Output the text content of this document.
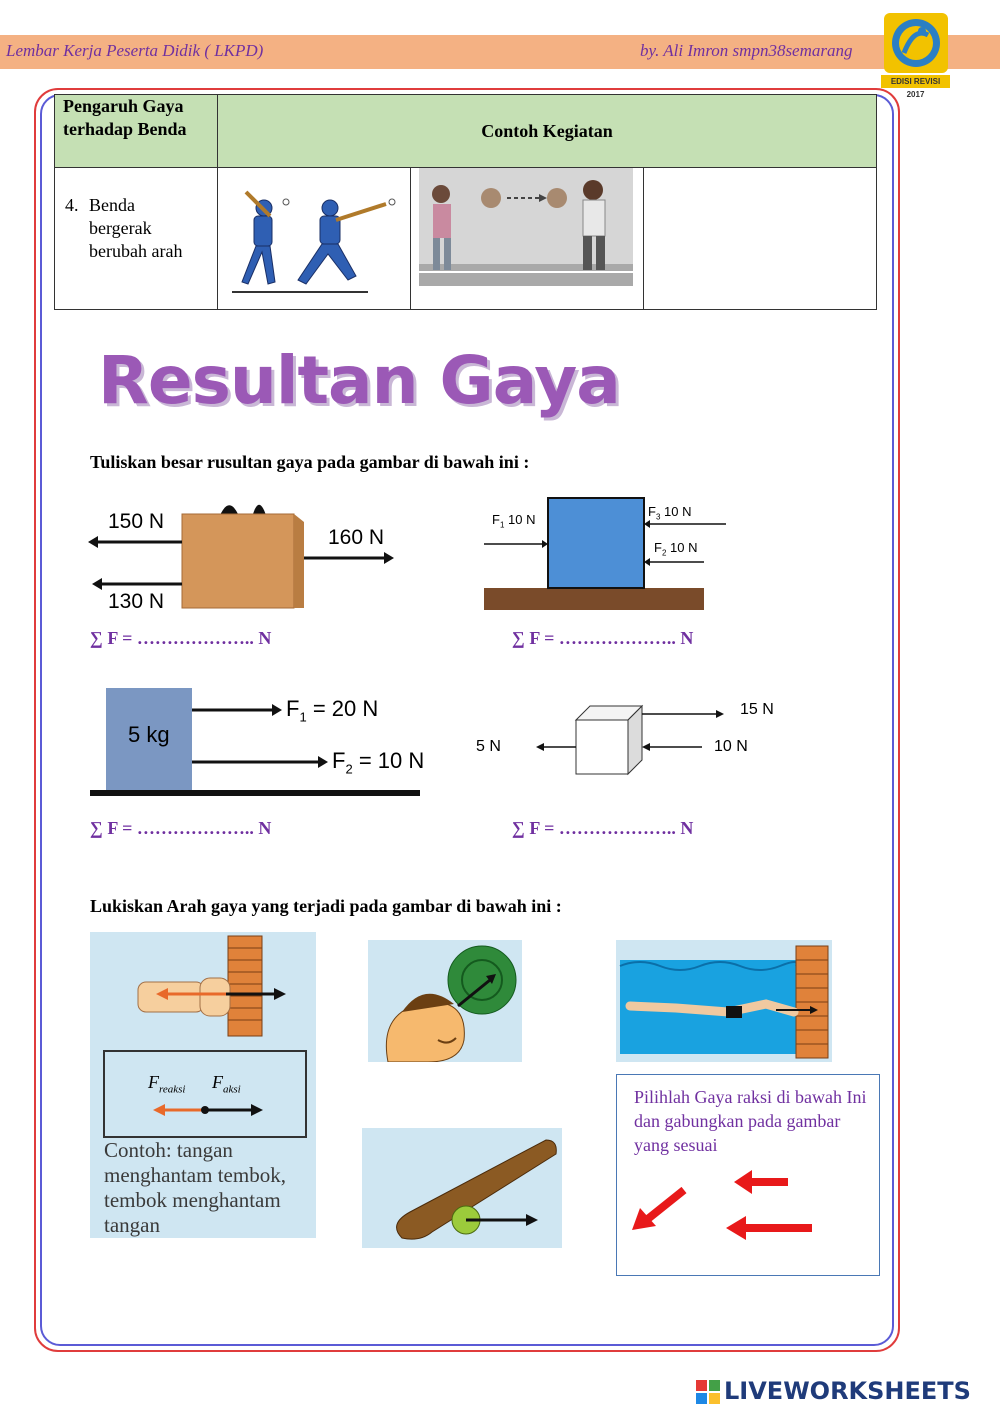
Lembar Kerja Peserta Didik ( LKPD)	by. Ali Imron smpn38semarang
EDISI REVISI 2017
Pengaruh Gaya terhadap Benda	Contoh Kegiatan		

4. Benda bergerak berubah arah

Resultan Gaya
Tuliskan besar rusultan gaya pada gambar di bawah ini :
150 N
130 N
160 N
∑ F = ……………….. N
$F_1$ 10 N
$F_3$ 10 N
$F_2$ 10 N
∑ F = ……………….. N
5 kg
$F_1 = 20$ N
$F_2 = 10$ N
∑ F = ……………….. N
5 N
15 N
10 N
∑ F = ……………….. N
Lukiskan Arah gaya yang terjadi pada gambar di bawah ini :
$F_{reaksi}$ $F_{aksi}$
Contoh: tangan menghantam tembok, tembok menghantam tangan
Pilihlah Gaya raksi di bawah Ini dan gabungkan pada gambar yang sesuai
LIVEWORKSHEETS
